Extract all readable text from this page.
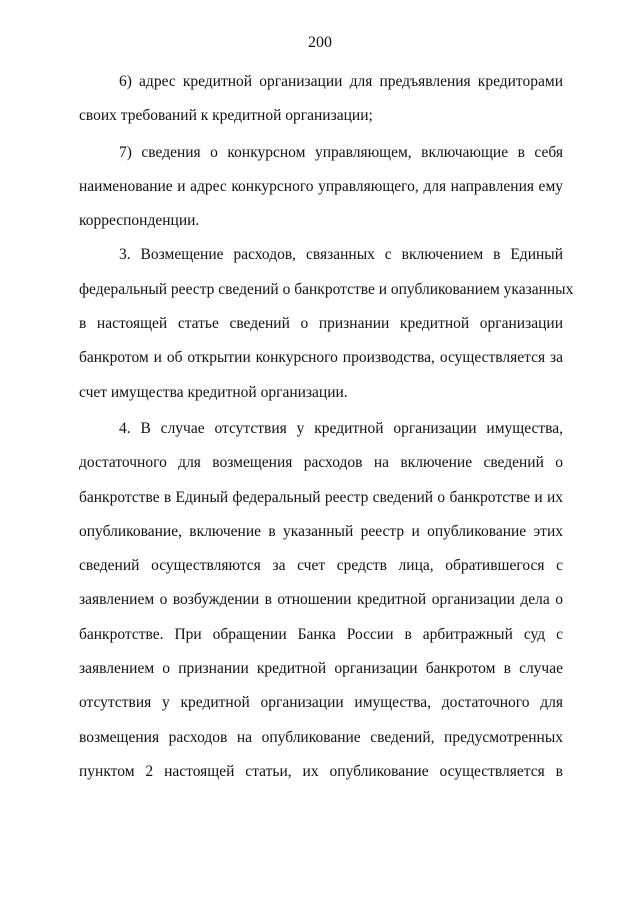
200
6) адрес кредитной организации для предъявления кредиторами
своих требований к кредитной организации;
7) сведения о конкурсном управляющем, включающие в себя
наименование и адрес конкурсного управляющего, для направления ему
корреспонденции.
3. Возмещение расходов, связанных с включением в Единый
федеральный реестр сведений о банкротстве и опубликованием указанных
в настоящей статье сведений о признании кредитной организации
банкротом и об открытии конкурсного производства, осуществляется за
счет имущества кредитной организации.
4. В случае отсутствия у кредитной организации имущества,
достаточного для возмещения расходов на включение сведений о
банкротстве в Единый федеральный реестр сведений о банкротстве и их
опубликование, включение в указанный реестр и опубликование этих
сведений осуществляются за счет средств лица, обратившегося с
заявлением о возбуждении в отношении кредитной организации дела о
банкротстве. При обращении Банка России в арбитражный суд с
заявлением о признании кредитной организации банкротом в случае
отсутствия у кредитной организации имущества, достаточного для
возмещения расходов на опубликование сведений, предусмотренных
пунктом 2 настоящей статьи, их опубликование осуществляется в
